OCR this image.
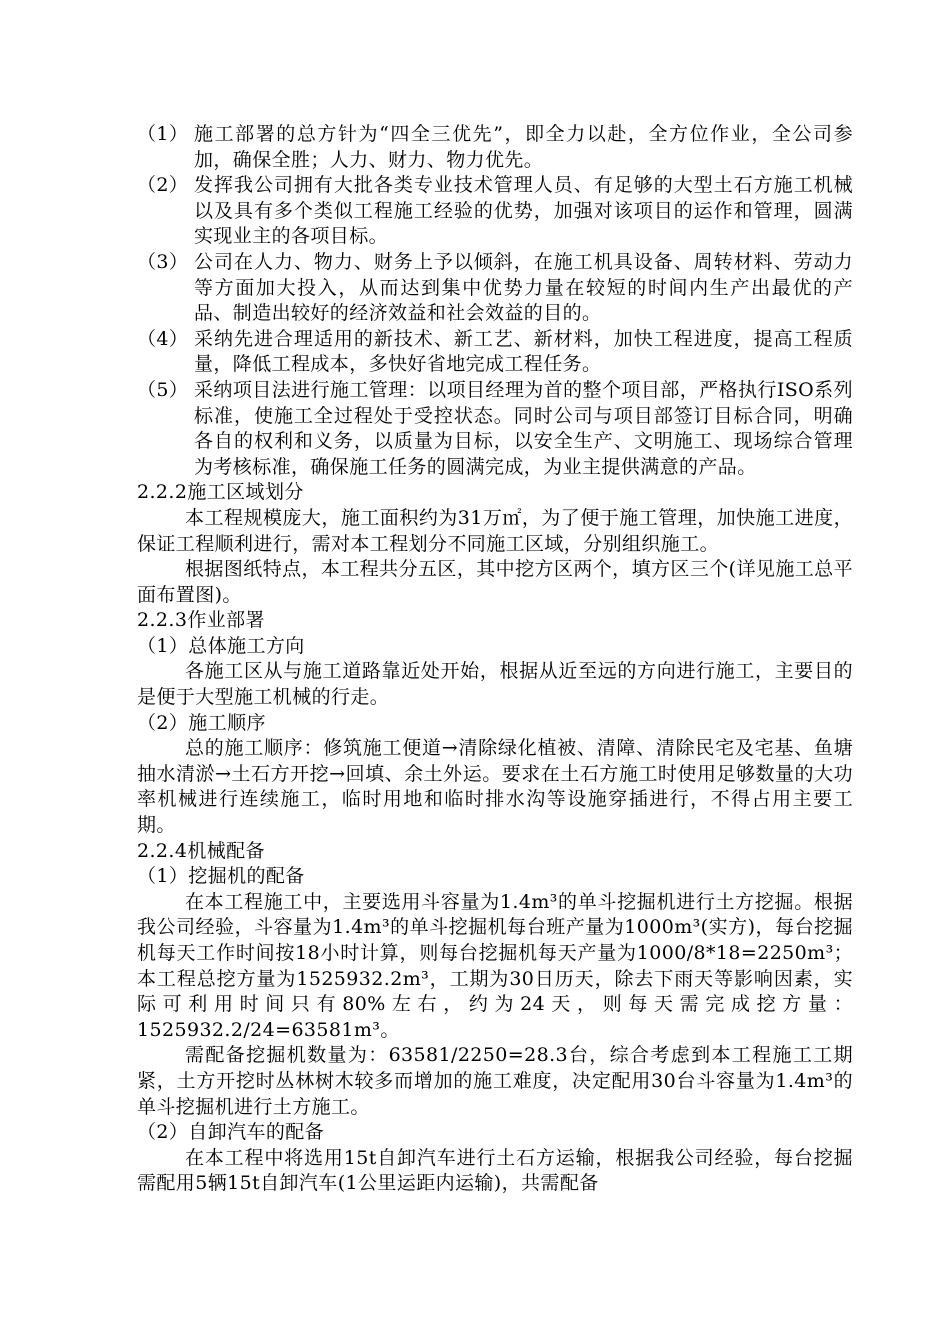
（1） 施工部署的总方针为“四全三优先”，即全力以赴，全方位作业，全公司参加，确保全胜；人力、财力、物力优先。
（2） 发挥我公司拥有大批各类专业技术管理人员、有足够的大型土石方施工机械以及具有多个类似工程施工经验的优势，加强对该项目的运作和管理，圆满实现业主的各项目标。
（3） 公司在人力、物力、财务上予以倾斜，在施工机具设备、周转材料、劳动力等方面加大投入，从而达到集中优势力量在较短的时间内生产出最优的产品、制造出较好的经济效益和社会效益的目的。
（4） 采纳先进合理适用的新技术、新工艺、新材料，加快工程进度，提高工程质量，降低工程成本，多快好省地完成工程任务。
（5） 采纳项目法进行施工管理：以项目经理为首的整个项目部，严格执行ISO系列标准，使施工全过程处于受控状态。同时公司与项目部签订目标合同，明确各自的权利和义务，以质量为目标，以安全生产、文明施工、现场综合管理为考核标准，确保施工任务的圆满完成，为业主提供满意的产品。
2.2.2施工区域划分
本工程规模庞大，施工面积约为31万㎡，为了便于施工管理，加快施工进度，保证工程顺利进行，需对本工程划分不同施工区域，分别组织施工。
根据图纸特点，本工程共分五区，其中挖方区两个，填方区三个(详见施工总平面布置图)。
2.2.3作业部署
（1）总体施工方向
各施工区从与施工道路靠近处开始，根据从近至远的方向进行施工，主要目的是便于大型施工机械的行走。
（2）施工顺序
总的施工顺序：修筑施工便道→清除绿化植被、清障、清除民宅及宅基、鱼塘抽水清淤→土石方开挖→回填、余土外运。要求在土石方施工时使用足够数量的大功率机械进行连续施工，临时用地和临时排水沟等设施穿插进行，不得占用主要工期。
2.2.4机械配备
（1）挖掘机的配备
在本工程施工中，主要选用斗容量为1.4m³的单斗挖掘机进行土方挖掘。根据我公司经验，斗容量为1.4m³的单斗挖掘机每台班产量为1000m³(实方)，每台挖掘机每天工作时间按18小时计算，则每台挖掘机每天产量为1000/8*18=2250m³；本工程总挖方量为1525932.2m³，工期为30日历天，除去下雨天等影响因素，实际可利用时间只有80%左右，约为24天，则每天需完成挖方量：1525932.2/24=63581m³。
需配备挖掘机数量为：63581/2250=28.3台，综合考虑到本工程施工工期紧，土方开挖时丛林树木较多而增加的施工难度，决定配用30台斗容量为1.4m³的单斗挖掘机进行土方施工。
（2）自卸汽车的配备
在本工程中将选用15t自卸汽车进行土石方运输，根据我公司经验，每台挖掘需配用5辆15t自卸汽车(1公里运距内运输)，共需配备
